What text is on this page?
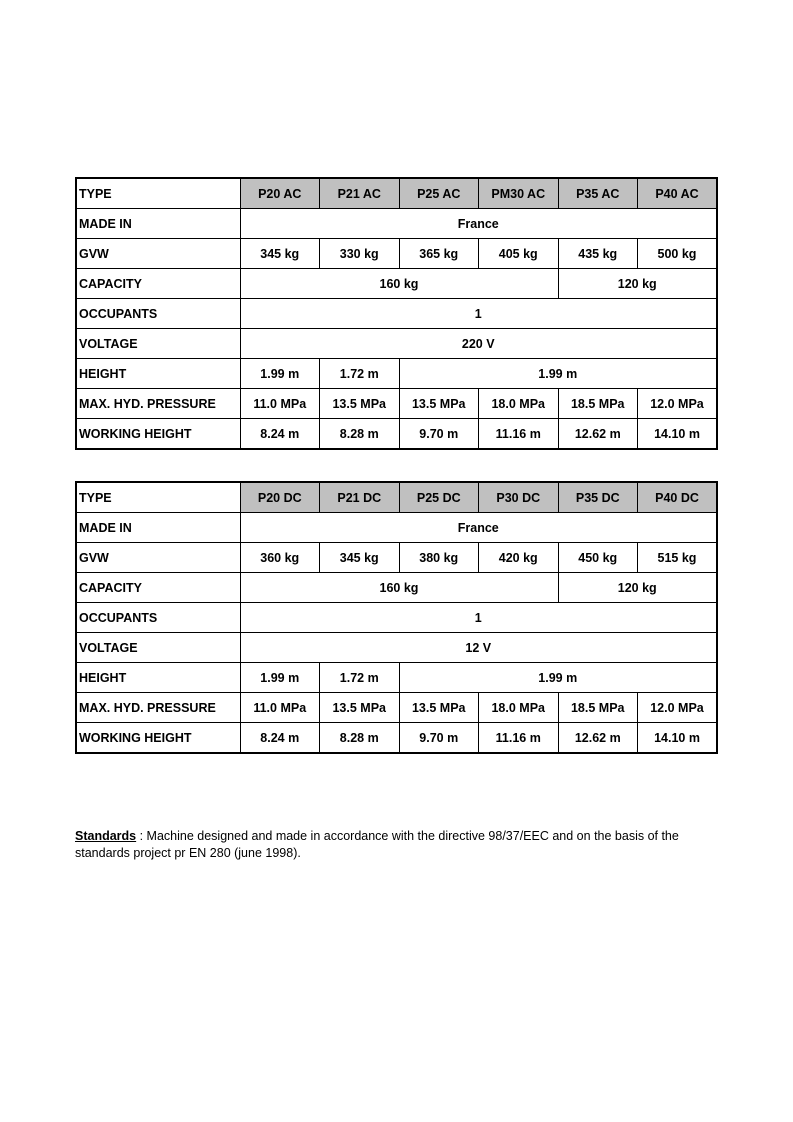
TYPE	P20 AC	P21 AC	P25 AC	PM30 AC	P35 AC	P40 AC
MADE IN	France					
GVW	345 kg	330 kg	365 kg	405 kg	435 kg	500 kg
CAPACITY	160 kg				120 kg	
OCCUPANTS	1					
VOLTAGE	220 V					
HEIGHT	1.99 m	1.72 m	1.99 m			
MAX. HYD. PRESSURE	11.0 MPa	13.5 MPa	13.5 MPa	18.0 MPa	18.5 MPa	12.0 MPa
WORKING HEIGHT	8.24 m	8.28 m	9.70 m	11.16 m	12.62 m	14.10 m
TYPE	P20 DC	P21 DC	P25 DC	P30 DC	P35 DC	P40 DC
MADE IN	France					
GVW	360 kg	345 kg	380 kg	420 kg	450 kg	515 kg
CAPACITY	160 kg				120 kg	
OCCUPANTS	1					
VOLTAGE	12 V					
HEIGHT	1.99 m	1.72 m	1.99 m			
MAX. HYD. PRESSURE	11.0 MPa	13.5 MPa	13.5 MPa	18.0 MPa	18.5 MPa	12.0 MPa
WORKING HEIGHT	8.24 m	8.28 m	9.70 m	11.16 m	12.62 m	14.10 m
Standards : Machine designed and made in accordance with the directive 98/37/EEC and on the basis of the standards project pr EN 280 (june 1998).
